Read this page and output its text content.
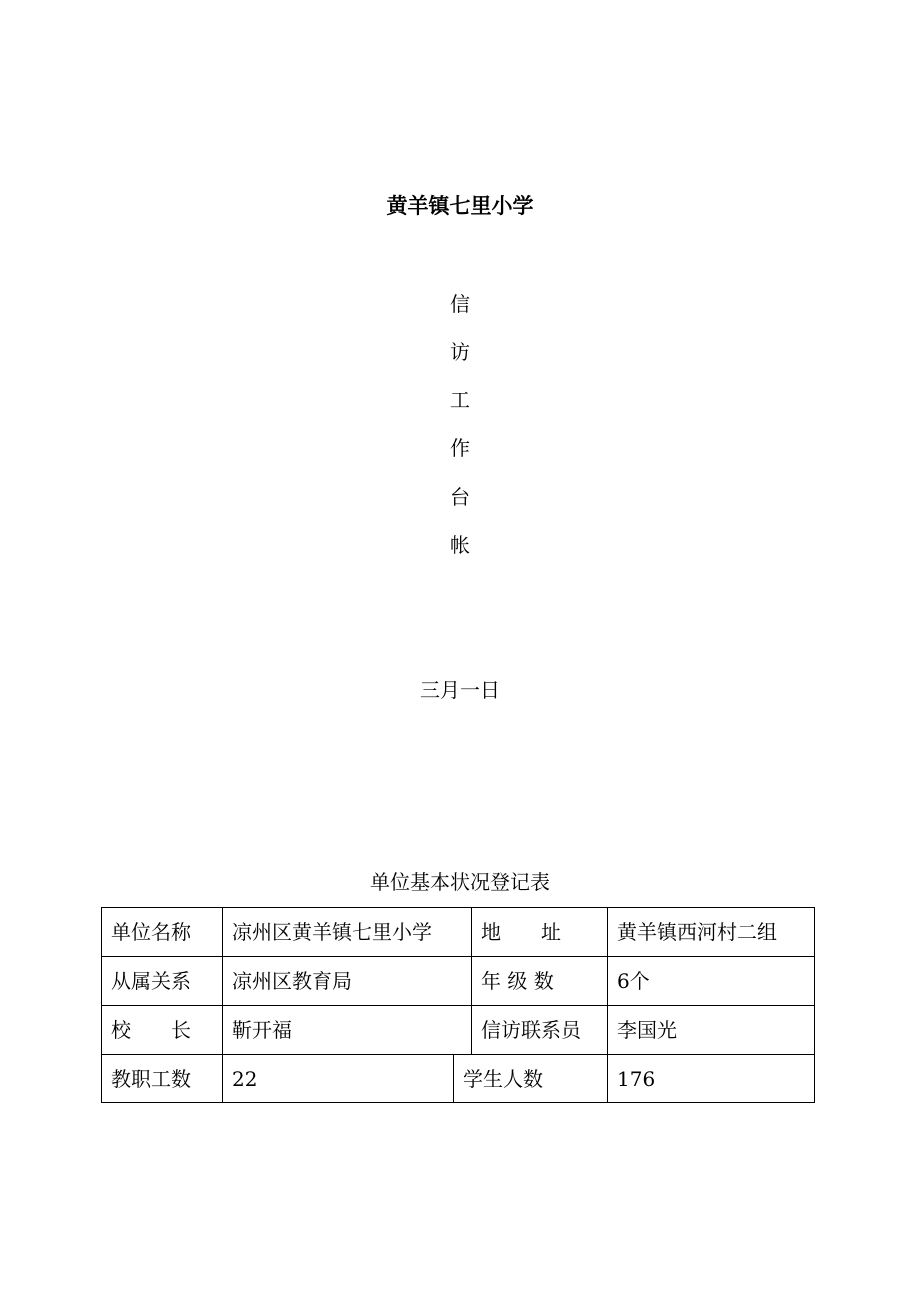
黄羊镇七里小学
信
访
工
作
台
帐
三月一日
单位基本状况登记表
单位名称	凉州区黄羊镇七里小学	地　　址	黄羊镇西河村二组
从属关系	凉州区教育局	年 级 数	6个
校　　长	靳开福	信访联系员	李国光
教职工数	22	学生人数	176
